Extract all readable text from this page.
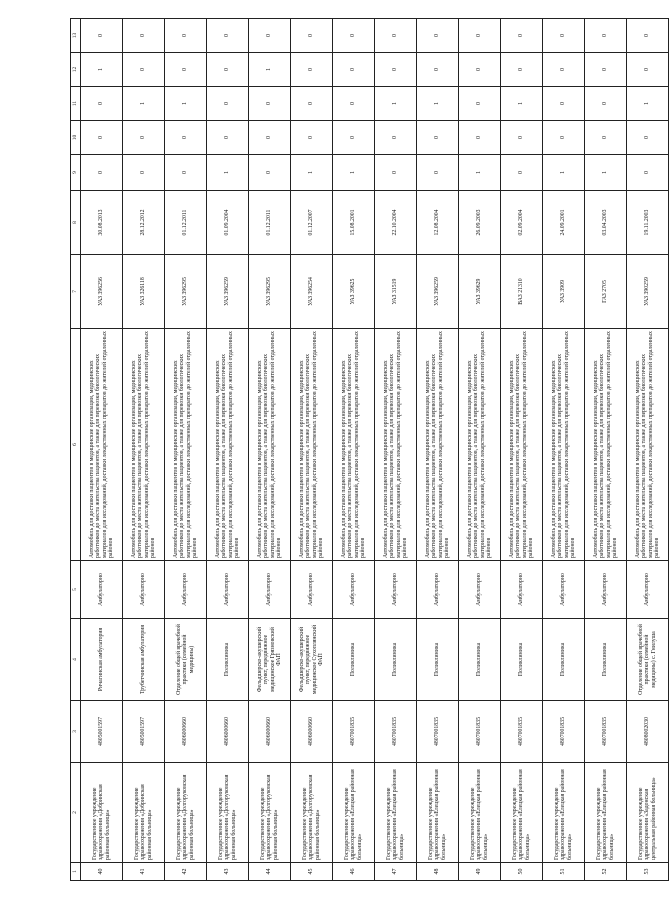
1	2	3	4	5	6	7	8	9	10	11	12	13
40	Государственное учреждение здравоохранения «Добринская районная больница»	4805001597	Ричагинская амбулатория	Амбулаторно	Автомобиль для доставки пациентов в медицинские организации, медицинских работников до места жительства пациентов, а также для перевозки биологических материалов для исследований, доставки лекарственных препаратов до жителей отдаленных районов	УАЗ 396256	30.08.2013	0	0	0	1	0
41	Государственное учреждение здравоохранения «Добринская районная больница»	4805001597	Трубетчинская амбулатория	Амбулаторно	Автомобиль для доставки пациентов в медицинские организации, медицинских работников до места жительства пациентов, а также для перевозки биологических материалов для исследований, доставки лекарственных препаратов до жителей отдаленных районов	УАЗ 326118	28.12.2012	0	0	1	0	0
42	Государственное учреждение здравоохранения «Долгоруковская районная больница»	4806000660	Отделение общей врачебной практики (семейной медицины)	Амбулаторно	Автомобиль для доставки пациентов в медицинские организации, медицинских работников до места жительства пациентов, а также для перевозки биологических материалов для исследований, доставки лекарственных препаратов до жителей отдаленных районов	УАЗ 396295	01.12.2011	0	0	1	0	0
43	Государственное учреждение здравоохранения «Долгоруковская районная больница»	4806000660	Поликлиника	Амбулаторно	Автомобиль для доставки пациентов в медицинские организации, медицинских работников до места жительства пациентов, а также для перевозки биологических материалов для исследований, доставки лекарственных препаратов до жителей отдаленных районов	УАЗ 396259	01.09.2004	1	0	0	0	0
44	Государственное учреждение здравоохранения «Долгоруковская районная больница»	4806000660	Фельдшерско-акушерский пункт, передвижное медицинское Грязновский ФАП	Амбулаторно	Автомобиль для доставки пациентов в медицинские организации, медицинских работников до места жительства пациентов, а также для перевозки биологических материалов для исследований, доставки лекарственных препаратов до жителей отдаленных районов	УАЗ 396295	01.12.2011	0	0	0	1	0
45	Государственное учреждение здравоохранения «Долгоруковская районная больница»	4806000660	Фельдшерско-акушерский пункт, передвижное медицинское Сухоплянский ФАП	Амбулаторно	Автомобиль для доставки пациентов в медицинские организации, медицинских работников до места жительства пациентов, а также для перевозки биологических материалов для исследований, доставки лекарственных препаратов до жителей отдаленных районов	УАЗ 396254	01.12.2007	1	0	0	0	0
46	Государственное учреждение здравоохранения «Елецкая районная больница»	4807001835	Поликлиника	Амбулаторно	Автомобиль для доставки пациентов в медицинские организации, медицинских работников до места жительства пациентов, а также для перевозки биологических материалов для исследований, доставки лекарственных препаратов до жителей отдаленных районов	УАЗ 39625	15.08.2001	1	0	0	0	0
47	Государственное учреждение здравоохранения «Елецкая районная больница»	4807001835	Поликлиника	Амбулаторно	Автомобиль для доставки пациентов в медицинские организации, медицинских работников до места жительства пациентов, а также для перевозки биологических материалов для исследований, доставки лекарственных препаратов до жителей отдаленных районов	УАЗ 31519	22.10.2004	0	0	1	0	0
48	Государственное учреждение здравоохранения «Елецкая районная больница»	4807001835	Поликлиника	Амбулаторно	Автомобиль для доставки пациентов в медицинские организации, медицинских работников до места жительства пациентов, а также для перевозки биологических материалов для исследований, доставки лекарственных препаратов до жителей отдаленных районов	УАЗ 396259	12.08.2004	0	0	1	0	0
49	Государственное учреждение здравоохранения «Елецкая районная больница»	4807001835	Поликлиника	Амбулаторно	Автомобиль для доставки пациентов в медицинские организации, медицинских работников до места жительства пациентов, а также для перевозки биологических материалов для исследований, доставки лекарственных препаратов до жителей отдаленных районов	УАЗ 39629	26.09.2003	1	0	0	0	0
50	Государственное учреждение здравоохранения «Елецкая районная больница»	4807001835	Поликлиника	Амбулаторно	Автомобиль для доставки пациентов в медицинские организации, медицинских работников до места жительства пациентов, а также для перевозки биологических материалов для исследований, доставки лекарственных препаратов до жителей отдаленных районов	ВАЗ 21310	02.09.2004	0	0	1	0	0
51	Государственное учреждение здравоохранения «Елецкая районная больница»	4807001835	Поликлиника	Амбулаторно	Автомобиль для доставки пациентов в медицинские организации, медицинских работников до места жительства пациентов, а также для перевозки биологических материалов для исследований, доставки лекарственных препаратов до жителей отдаленных районов	УАЗ 3909	24.09.2001	1	0	0	0	0
52	Государственное учреждение здравоохранения «Елецкая районная больница»	4807001835	Поликлиника	Амбулаторно	Автомобиль для доставки пациентов в медицинские организации, медицинских работников до места жительства пациентов, а также для перевозки биологических материалов для исследований, доставки лекарственных препаратов до жителей отдаленных районов	ГАЗ 2705	03.04.2003	1	0	0	0	0
53	Государственное учреждение здравоохранения «Задонская центральная районная больница»	4808002030	Отделение общей врачебной практики (семейной медицины) с. Гнилуша	Амбулаторно	Автомобиль для доставки пациентов в медицинские организации, медицинских работников до места жительства пациентов, а также для перевозки биологических материалов для исследований, доставки лекарственных препаратов до жителей отдаленных районов	УАЗ 390259	19.11.2003	0	0	1	0	0
